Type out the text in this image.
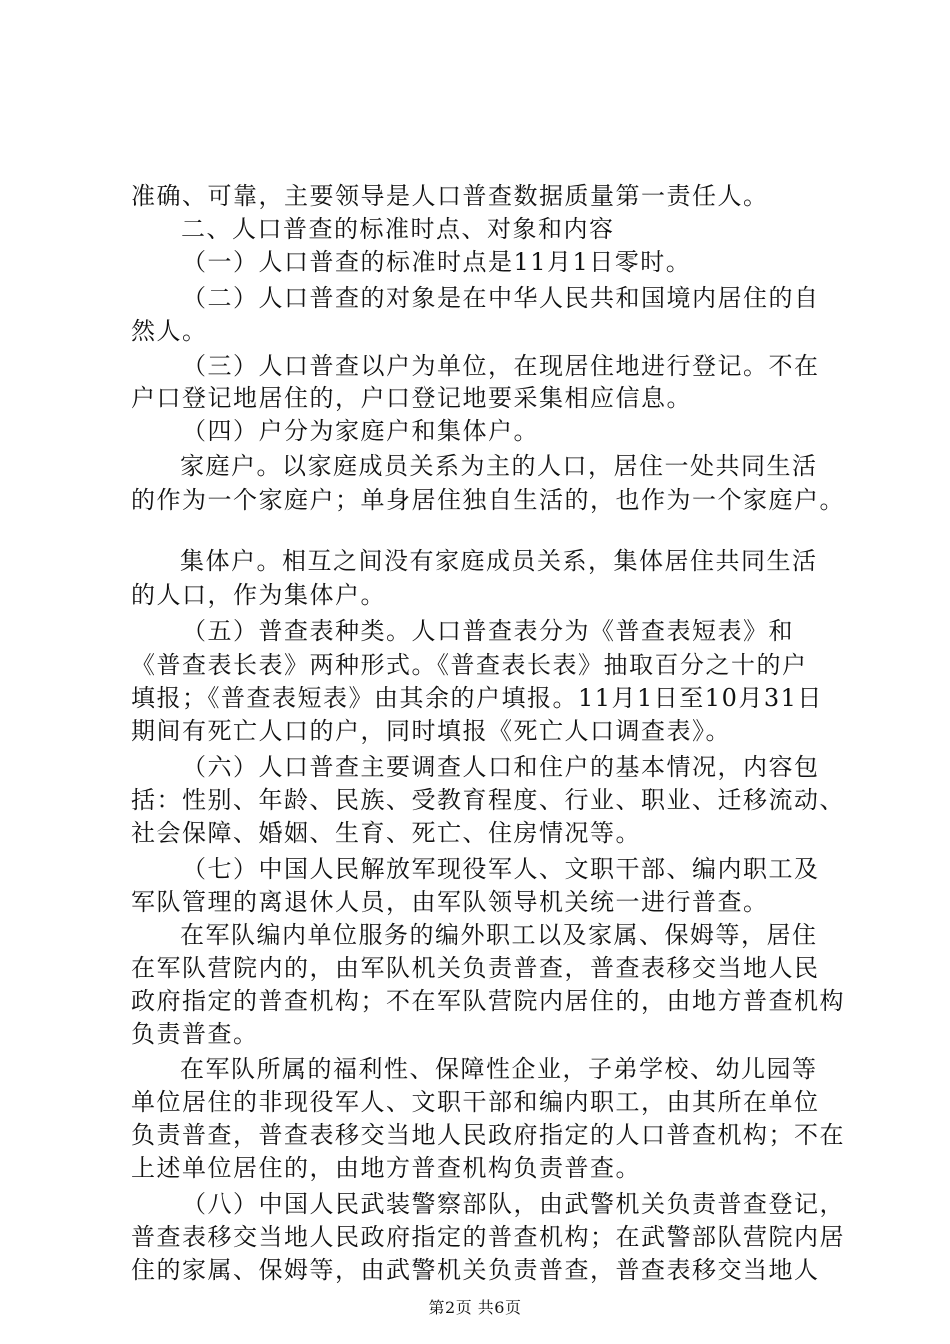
准确、可靠，主要领导是人口普查数据质量第一责任人。
二、人口普查的标准时点、对象和内容
（一）人口普查的标准时点是11月1日零时。
（二）人口普查的对象是在中华人民共和国境内居住的自
然人。
（三）人口普查以户为单位，在现居住地进行登记。不在
户口登记地居住的，户口登记地要采集相应信息。
（四）户分为家庭户和集体户。
家庭户。以家庭成员关系为主的人口，居住一处共同生活
的作为一个家庭户；单身居住独自生活的，也作为一个家庭户。
集体户。相互之间没有家庭成员关系，集体居住共同生活
的人口，作为集体户。
（五）普查表种类。人口普查表分为《普查表短表》和
《普查表长表》两种形式。《普查表长表》抽取百分之十的户
填报；《普查表短表》由其余的户填报。11月1日至10月31日
期间有死亡人口的户，同时填报《死亡人口调查表》。
（六）人口普查主要调查人口和住户的基本情况，内容包
括：性别、年龄、民族、受教育程度、行业、职业、迁移流动、
社会保障、婚姻、生育、死亡、住房情况等。
（七）中国人民解放军现役军人、文职干部、编内职工及
军队管理的离退休人员，由军队领导机关统一进行普查。
在军队编内单位服务的编外职工以及家属、保姆等，居住
在军队营院内的，由军队机关负责普查，普查表移交当地人民
政府指定的普查机构；不在军队营院内居住的，由地方普查机构
负责普查。
在军队所属的福利性、保障性企业，子弟学校、幼儿园等
单位居住的非现役军人、文职干部和编内职工，由其所在单位
负责普查，普查表移交当地人民政府指定的人口普查机构；不在
上述单位居住的，由地方普查机构负责普查。
（八）中国人民武装警察部队，由武警机关负责普查登记，
普查表移交当地人民政府指定的普查机构；在武警部队营院内居
住的家属、保姆等，由武警机关负责普查，普查表移交当地人
第2页 共6页
